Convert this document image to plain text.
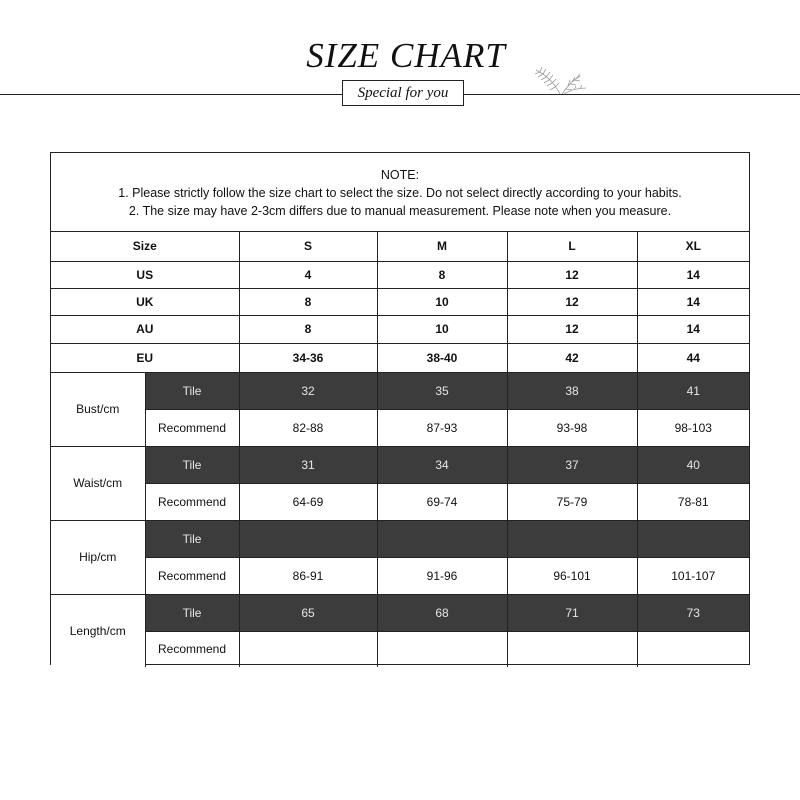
SIZE CHART
Special for you
NOTE:
1. Please strictly follow the size chart to select the size. Do not select directly according to your habits.
2. The size may have 2-3cm differs due to manual measurement. Please note when you measure.
Size		S	M	L	XL
US		4	8	12	14
UK		8	10	12	14
AU		8	10	12	14
EU		34-36	38-40	42	44
Bust/cm	Tile	32	35	38	41
	Recommend	82-88	87-93	93-98	98-103
Waist/cm	Tile	31	34	37	40
	Recommend	64-69	69-74	75-79	78-81
Hip/cm	Tile				
	Recommend	86-91	91-96	96-101	101-107
Length/cm	Tile	65	68	71	73
	Recommend				
